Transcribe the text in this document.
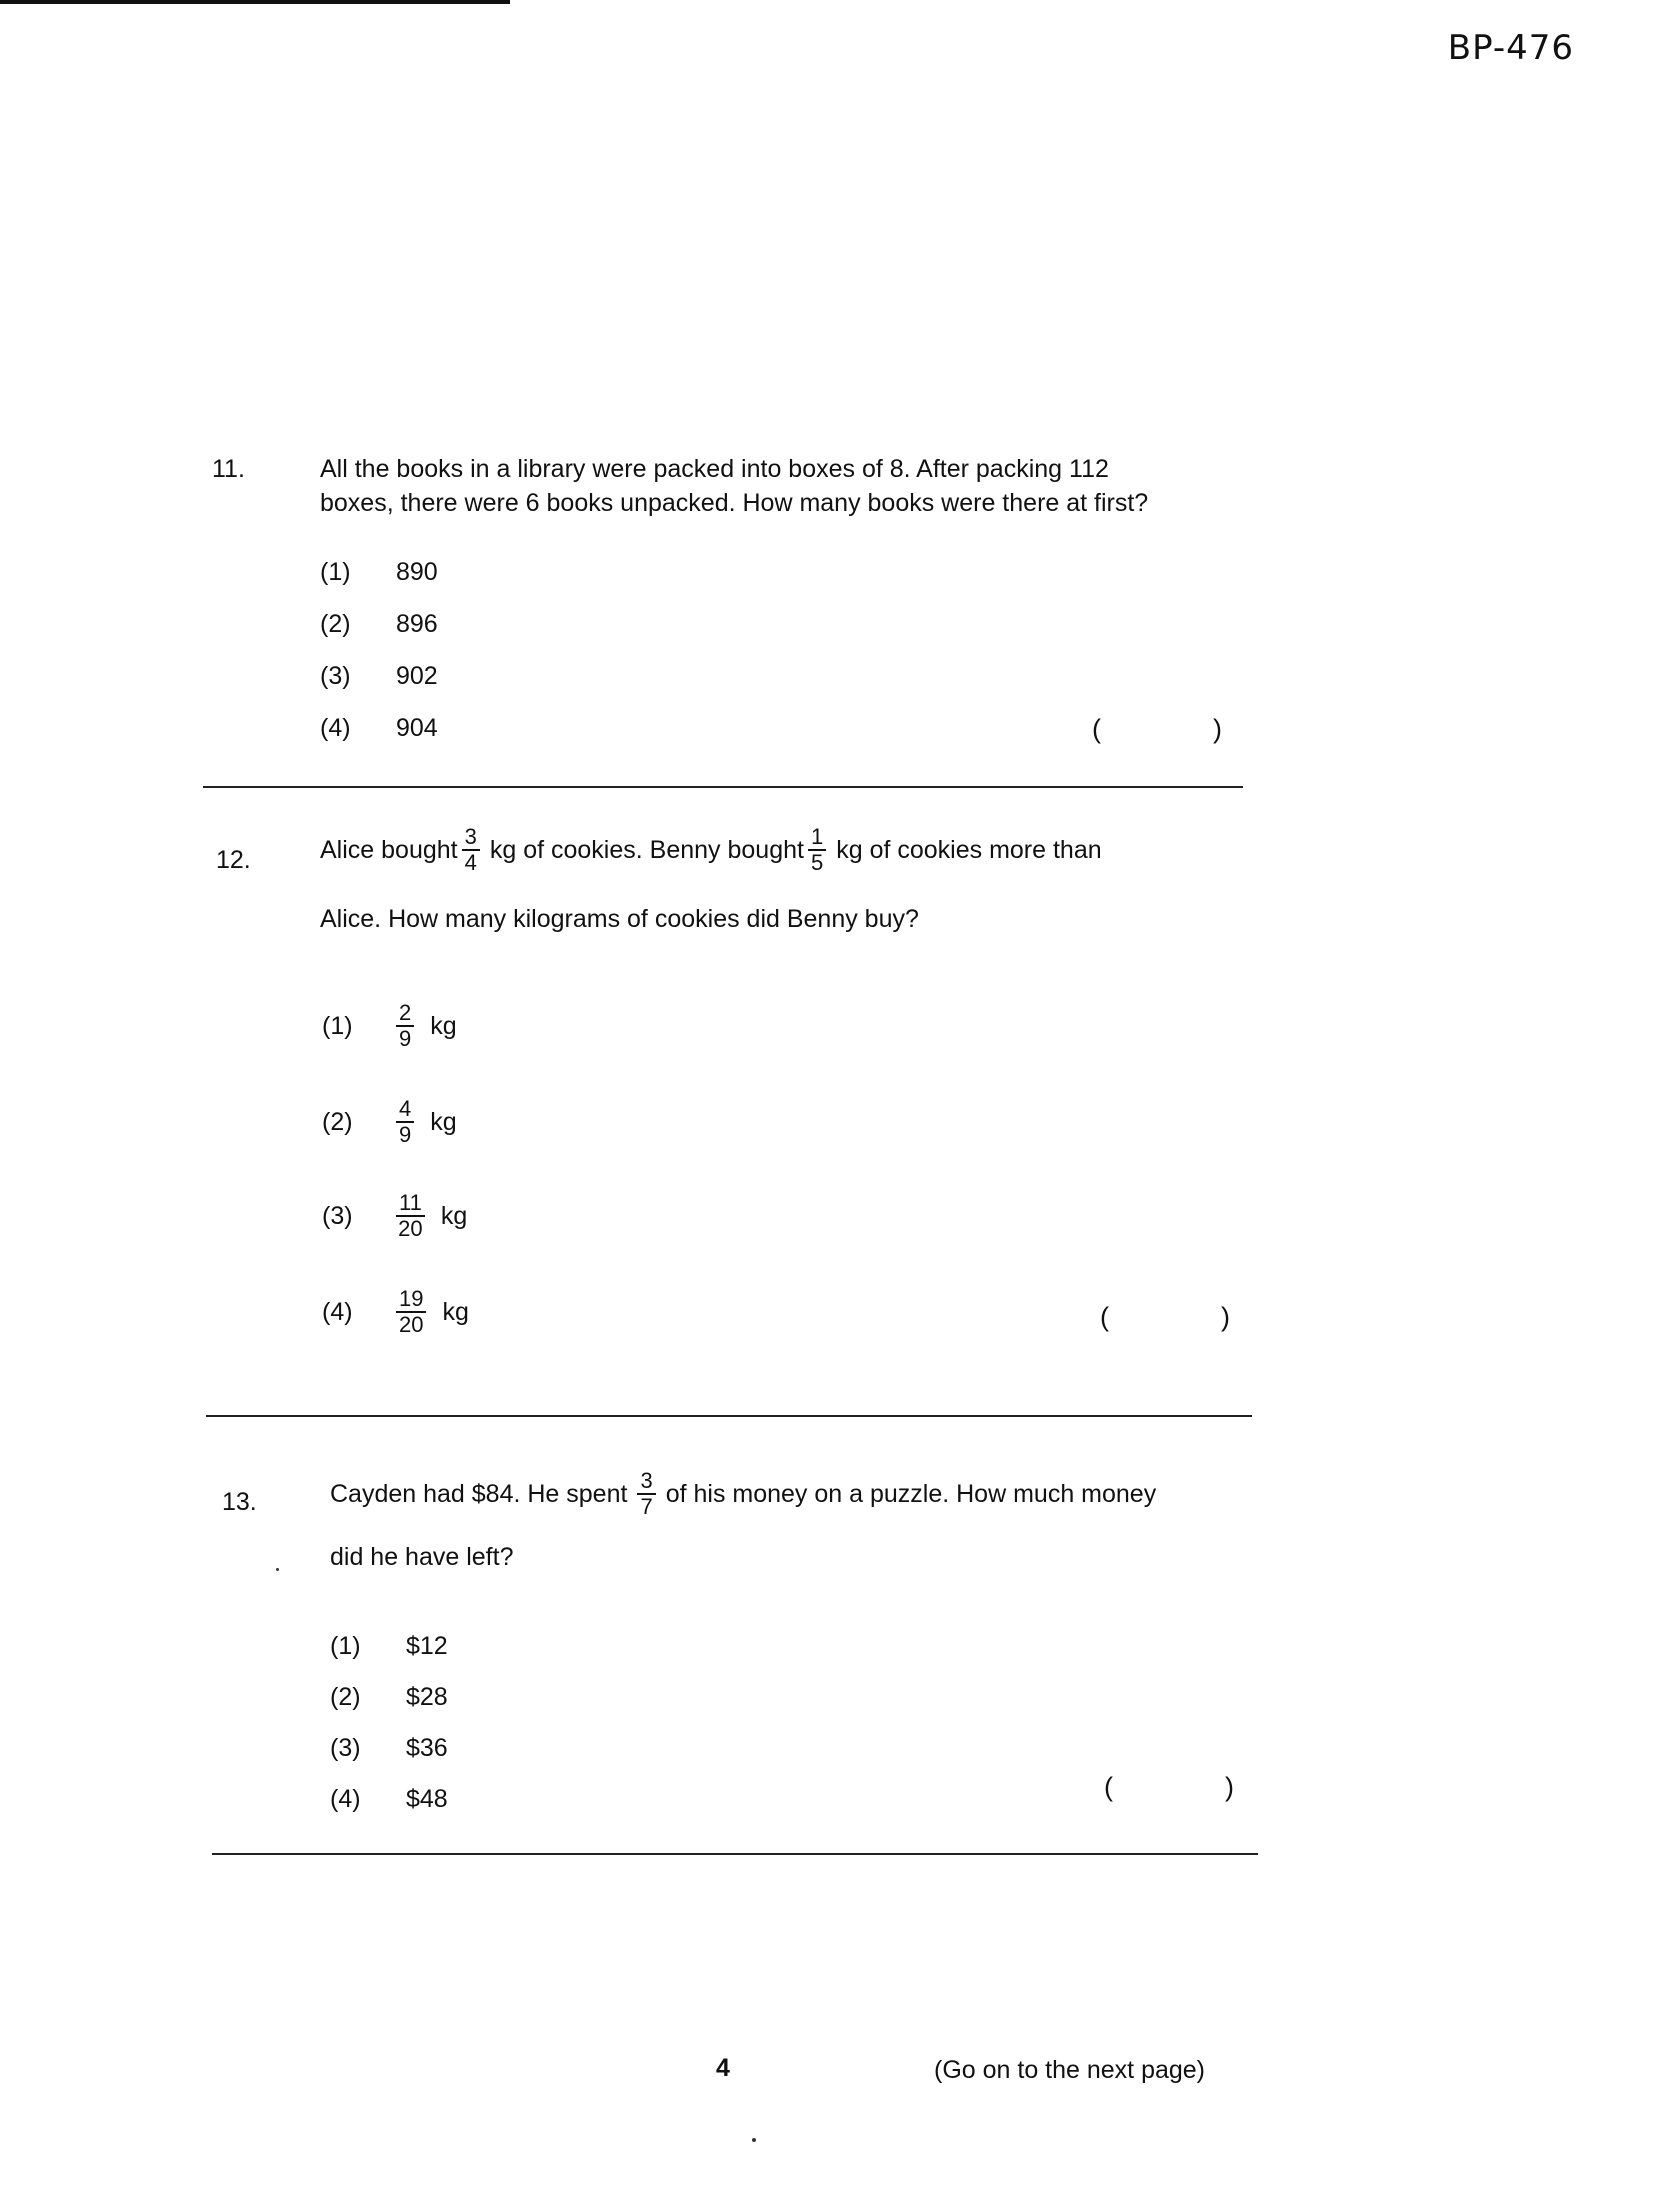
BP-476
11.	All the books in a library were packed into boxes of 8. After packing 112
boxes, there were 6 books unpacked. How many books were there at first?
(1)	890
(2)	896
(3)	902
(4)	904	(	)
12.	Alice bought $\frac{3}{4}$ kg of cookies. Benny bought $\frac{1}{5}$ kg of cookies more than
Alice. How many kilograms of cookies did Benny buy?
(1)	$\frac{2}{9}$ kg
(2)	$\frac{4}{9}$ kg
(3)	$\frac{11}{20}$ kg
(4)	$\frac{19}{20}$ kg	(	)
13.	Cayden had $84. He spent $\frac{3}{7}$ of his money on a puzzle. How much money
did he have left?
(1)	$12
(2)	$28
(3)	$36
(4)	$48	(	)
4	(Go on to the next page)
